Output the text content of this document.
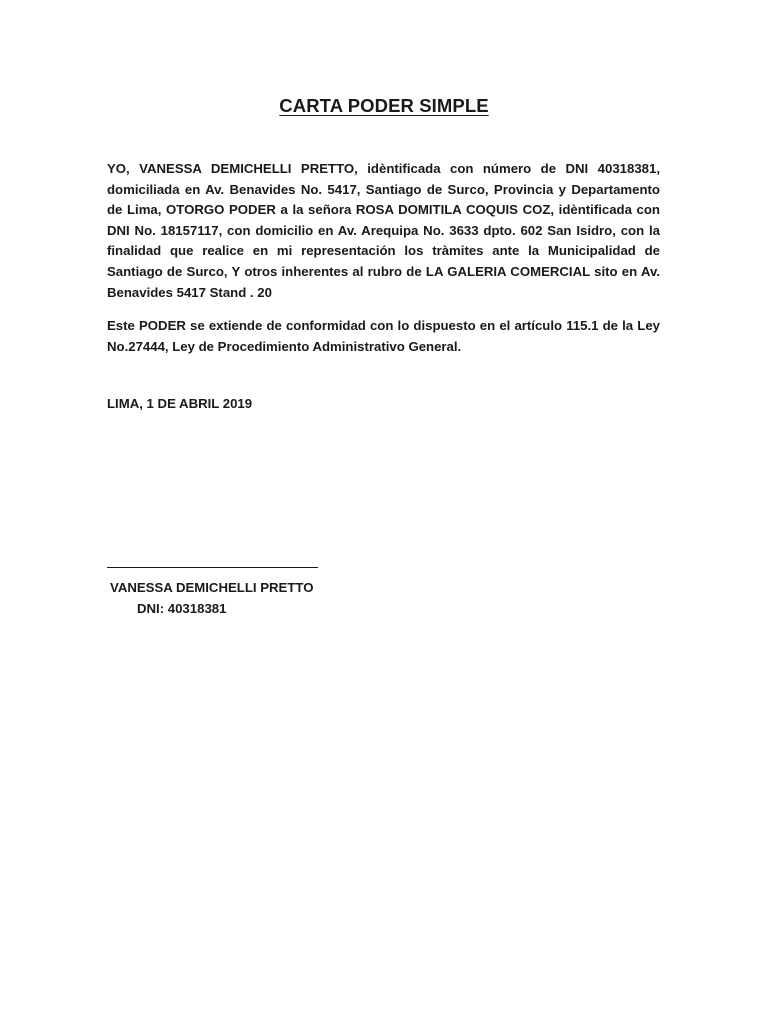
CARTA PODER SIMPLE

YO, VANESSA DEMICHELLI PRETTO, idèntificada con número de DNI 40318381, domiciliada en Av. Benavides No. 5417, Santiago de Surco, Provincia y Departamento de Lima, OTORGO PODER a la señora ROSA DOMITILA COQUIS COZ, idèntificada con DNI No. 18157117, con domicilio en Av. Arequipa No. 3633 dpto. 602 San Isidro, con la finalidad que realice en mi representación los tràmites ante la Municipalidad de Santiago de Surco, Y otros inherentes al rubro de LA GALERIA COMERCIAL sito en Av. Benavides 5417 Stand . 20

Este PODER se extiende de conformidad con lo dispuesto en el artículo 115.1 de la Ley No.27444, Ley de Procedimiento Administrativo General.

LIMA, 1 DE ABRIL 2019

VANESSA DEMICHELLI PRETTO

DNI: 40318381
